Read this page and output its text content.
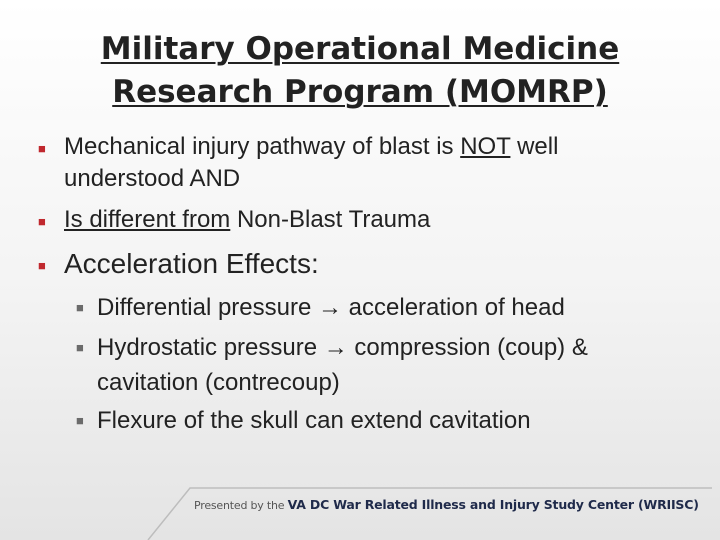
Military Operational Medicine
Research Program (MOMRP)
■ Mechanical injury pathway of blast is NOT well
understood AND
■ Is different from Non-Blast Trauma
■ Acceleration Effects:
■ Differential pressure → acceleration of head
■ Hydrostatic pressure → compression (coup) &
cavitation (contrecoup)
■ Flexure of the skull can extend cavitation
Presented by the VA DC War Related Illness and Injury Study Center (WRIISC)
